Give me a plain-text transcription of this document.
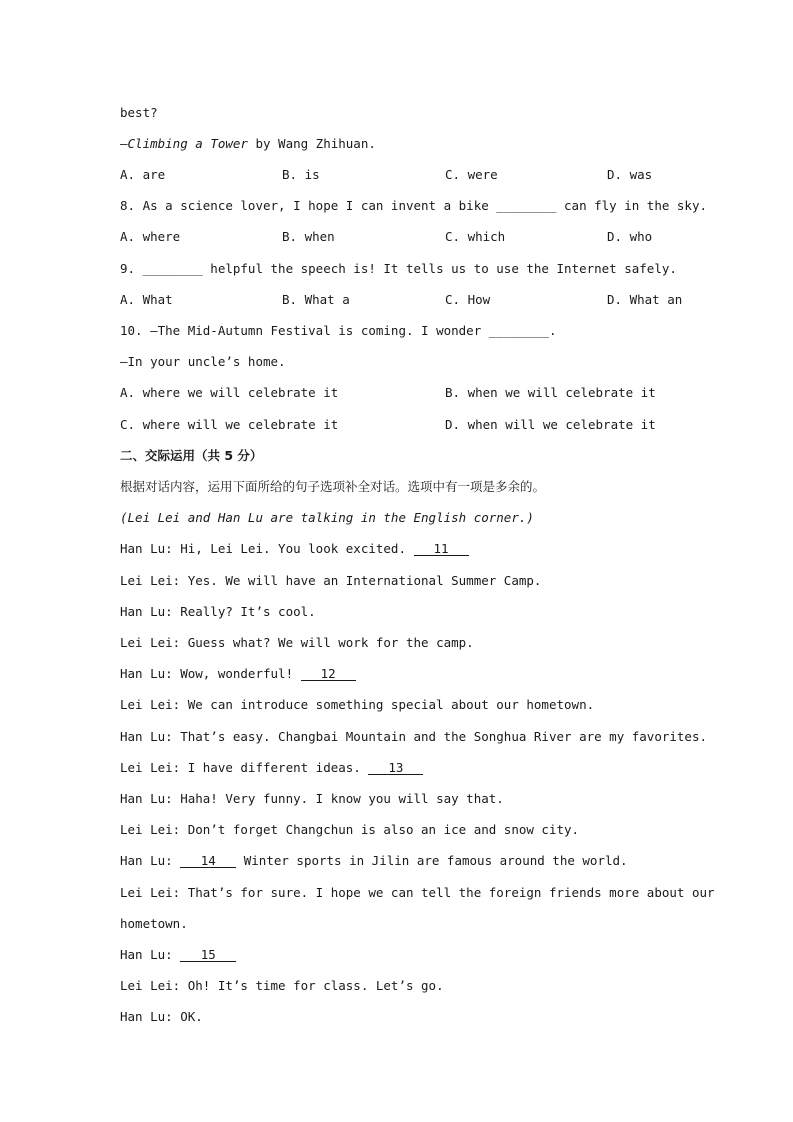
best?
—Climbing a Tower by Wang Zhihuan.
A. are	B. is	C. were	D. was
8. As a science lover, I hope I can invent a bike ________ can fly in the sky.
A. where	B. when	C. which	D. who
9. ________ helpful the speech is! It tells us to use the Internet safely.
A. What	B. What a	C. How	D. What an
10. —The Mid-Autumn Festival is coming. I wonder ________.
—In your uncle’s home.
A. where we will celebrate it	B. when we will celebrate it
C. where will we celebrate it	D. when will we celebrate it
二、交际运用（共 5 分）
根据对话内容，运用下面所给的句子选项补全对话。选项中有一项是多余的。
(Lei Lei and Han Lu are talking in the English corner.)
Han Lu: Hi, Lei Lei. You look excited. 11
Lei Lei: Yes. We will have an International Summer Camp.
Han Lu: Really? It’s cool.
Lei Lei: Guess what? We will work for the camp.
Han Lu: Wow, wonderful! 12
Lei Lei: We can introduce something special about our hometown.
Han Lu: That’s easy. Changbai Mountain and the Songhua River are my favorites.
Lei Lei: I have different ideas. 13
Han Lu: Haha! Very funny. I know you will say that.
Lei Lei: Don’t forget Changchun is also an ice and snow city.
Han Lu: 14 Winter sports in Jilin are famous around the world.
Lei Lei: That’s for sure. I hope we can tell the foreign friends more about our
hometown.
Han Lu: 15
Lei Lei: Oh! It’s time for class. Let’s go.
Han Lu: OK.
